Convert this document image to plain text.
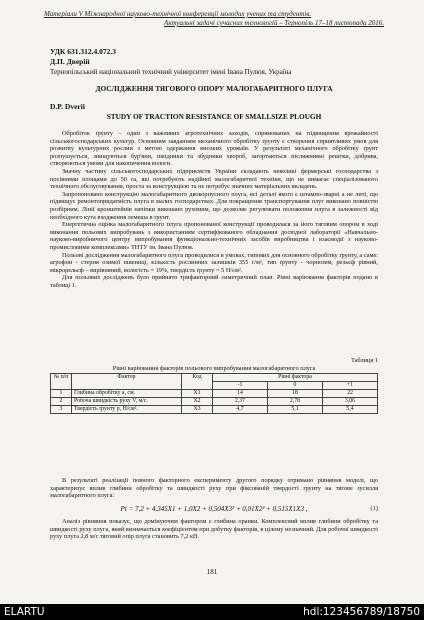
Матеріали V Міжнародної науково-технічної конференції молодих учених та студентів.
Актуальні задачі сучасних технологій – Тернопіль 17–18 листопада 2016.
УДК 631.312.4.072.3
Д.П. Дверій
Тернопільський національний технічний університет імені Івана Пулюя, Україна
ДОСЛІДЖЕННЯ ТЯГОВОГО ОПОРУ МАЛОГАБАРИТНОГО ПЛУГА
D.P. Dverii
STUDY OF TRACTION RESISTANCE OF SMALLSIZE PLOUGH

Обробіток ґрунту – один з важливих агротехнічних заходів, спрямованих на підвищення врожайності сільськогосподарських культур. Основним завданням механічного обробітку ґрунту є створення сприятливих умов для розвитку культурних рослин з метою одержання високих урожаїв. У результаті механічного обробітку ґрунт розпушується, знищуються бур'яни, шкідники та збудники хвороб, загортаються післяжнивні рештки, добрива, створюються умови для накопичення вологи.

Значну частину сільськогосподарських підприємств України складають невеликі фермерські господарства з посівними площами до 50 га, які потребують надійної малогабаритної техніки, що не вимагає спеціалізованого технічного обслуговування, проста за конструкцією та не потребує значних матеріальних вкладень.

Запропоновано конструкцію малогабаритного двокорпусного плуга, всі деталі якого є штампо-зварні а не литі, що підвищує ремонтопридатність плуга в малих господарствах. Для покращення транспортування плуг виконано повністю розбірним. Лінії кронштейнів начіпки виконано рухомим, що дозволяє регулювати положення плуга в залежності від необхідного кута входження лемеша в ґрунт.

Енергетична оцінка малогабаритного плуга пропонованої конструкції проводилася за його тяговим опором в ході виконання польових випробувань з використанням сертифікованого обладнання досвідної лабораторії «Навчально-науково-виробничого центру випробування функціонально-технічних засобів виробництва і взаємодії з науково-промисловими комплексами» ТНТУ ім. Івана Пулюя.

Польові дослідження малогабаритного плуга проводилися в умовах, типових для основного обробітку ґрунту, а саме: агрофон - стерня озимої пшениці, кількість рослинних залишків 355 г/м², тип ґрунту - чорнозем, рельєф рівний, мікрорельєф – вирівняний, вологість = 19%, твердість ґрунту = 5 Н/см².

Для польових досліджень було прийнято трифакторний симетричний план. Рівні варіювання факторів подано в таблиці 1.

Таблиця 1
Рівні варіювання факторів польового випробування малогабаритного плуга
№ п/п	Фактор	Код	Рівні фактора		
			-1	0	+1
1	Глибина обробітку a, см.	X1	14	18	22
2	Робоча швидкість руху V, м/с.	X2	2,37	2,78	3,06
3	Твердість ґрунту p, Н/см².	X3	4,7	5,1	5,4

В результаті реалізації повного факторного експерименту другого порядку отримано рівняння моделі, що характеризує вплив глибини обробітку та швидкості руху при фіксованій твердості ґрунту на тягове зусилля малогабаритного плуга:

Pt = 7,2 + 4,345X1 + 1,0X2 + 0,504X3² + 0,01X2² + 0,515X1X3 ,	(1)

Аналіз рівняння показує, що домінуючим фактором є глибина оранки. Комплексний вплив глибини обробітку та швидкості руху плуга, який визначається коефіцієнтом при добутку факторів, в цілому незначний. Для робочої швидкості руху плуга 2,8 м/с тяговий опір плуга становить 7,2 кН.

181
ELARTU	hdl:123456789/18750
